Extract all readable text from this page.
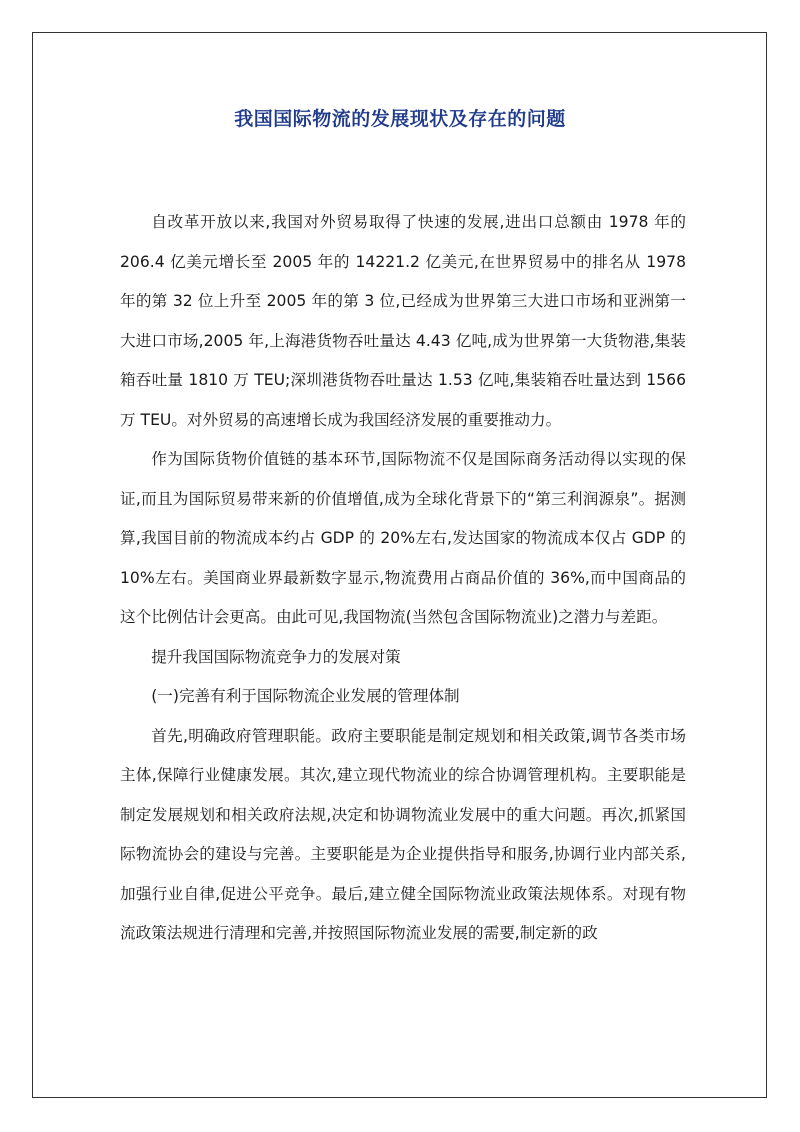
我国国际物流的发展现状及存在的问题

自改革开放以来,我国对外贸易取得了快速的发展,进出口总额由 1978 年的 206.4 亿美元增长至 2005 年的 14221.2 亿美元,在世界贸易中的排名从 1978 年的第 32 位上升至 2005 年的第 3 位,已经成为世界第三大进口市场和亚洲第一大进口市场,2005 年,上海港货物吞吐量达 4.43 亿吨,成为世界第一大货物港,集装箱吞吐量 1810 万 TEU;深圳港货物吞吐量达 1.53 亿吨,集装箱吞吐量达到 1566 万 TEU。对外贸易的高速增长成为我国经济发展的重要推动力。

作为国际货物价值链的基本环节,国际物流不仅是国际商务活动得以实现的保证,而且为国际贸易带来新的价值增值,成为全球化背景下的“第三利润源泉”。据测算,我国目前的物流成本约占 GDP 的 20%左右,发达国家的物流成本仅占 GDP 的 10%左右。美国商业界最新数字显示,物流费用占商品价值的 36%,而中国商品的这个比例估计会更高。由此可见,我国物流(当然包含国际物流业)之潜力与差距。

提升我国国际物流竞争力的发展对策

(一)完善有利于国际物流企业发展的管理体制

首先,明确政府管理职能。政府主要职能是制定规划和相关政策,调节各类市场主体,保障行业健康发展。其次,建立现代物流业的综合协调管理机构。主要职能是制定发展规划和相关政府法规,决定和协调物流业发展中的重大问题。再次,抓紧国际物流协会的建设与完善。主要职能是为企业提供指导和服务,协调行业内部关系,加强行业自律,促进公平竞争。最后,建立健全国际物流业政策法规体系。对现有物流政策法规进行清理和完善,并按照国际物流业发展的需要,制定新的政
